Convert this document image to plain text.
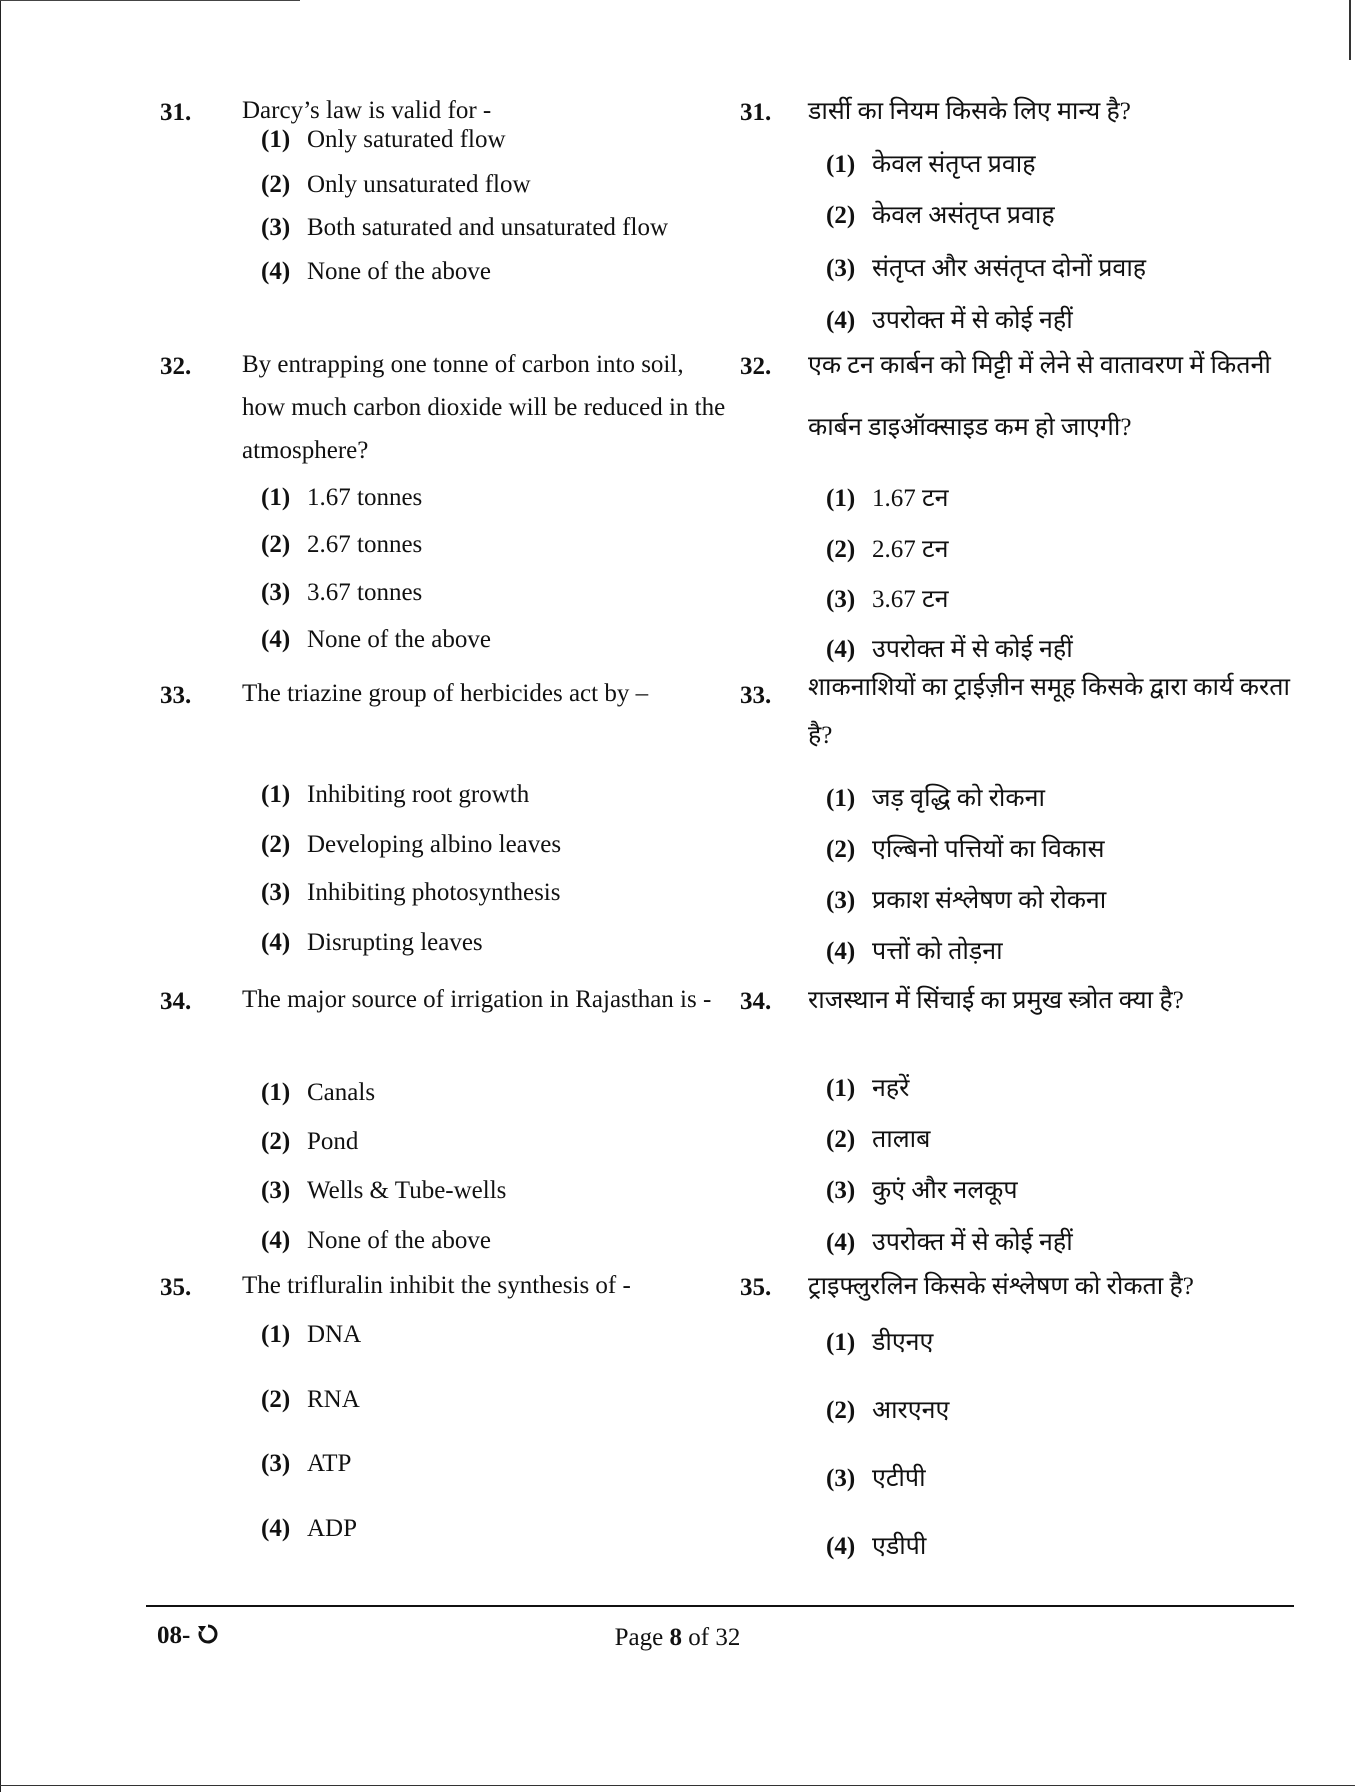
31. Darcy’s law is valid for -
(1) Only saturated flow
(2) Only unsaturated flow
(3) Both saturated and unsaturated flow
(4) None of the above
32. By entrapping one tonne of carbon into soil, how much carbon dioxide will be reduced in the atmosphere?
(1) 1.67 tonnes
(2) 2.67 tonnes
(3) 3.67 tonnes
(4) None of the above
33. The triazine group of herbicides act by –
(1) Inhibiting root growth
(2) Developing albino leaves
(3) Inhibiting photosynthesis
(4) Disrupting leaves
34. The major source of irrigation in Rajasthan is -
(1) Canals
(2) Pond
(3) Wells & Tube-wells
(4) None of the above
35. The trifluralin inhibit the synthesis of -
(1) DNA
(2) RNA
(3) ATP
(4) ADP
31. डार्सी का नियम किसके लिए मान्य है?
(1) केवल संतृप्त प्रवाह
(2) केवल असंतृप्त प्रवाह
(3) संतृप्त और असंतृप्त दोनों प्रवाह
(4) उपरोक्त में से कोई नहीं
32. एक टन कार्बन को मिट्टी में लेने से वातावरण में कितनी कार्बन डाइऑक्साइड कम हो जाएगी?
(1) 1.67 टन
(2) 2.67 टन
(3) 3.67 टन
(4) उपरोक्त में से कोई नहीं
33. शाकनाशियों का ट्राईज़ीन समूह किसके द्वारा कार्य करता है?
(1) जड़ वृद्धि को रोकना
(2) एल्बिनो पत्तियों का विकास
(3) प्रकाश संश्लेषण को रोकना
(4) पत्तों को तोड़ना
34. राजस्थान में सिंचाई का प्रमुख स्त्रोत क्या है?
(1) नहरें
(2) तालाब
(3) कुएं और नलकूप
(4) उपरोक्त में से कोई नहीं
35. ट्राइफ्लुरलिन किसके संश्लेषण को रोकता है?
(1) डीएनए
(2) आरएनए
(3) एटीपी
(4) एडीपी
08-	Page 8 of 32
